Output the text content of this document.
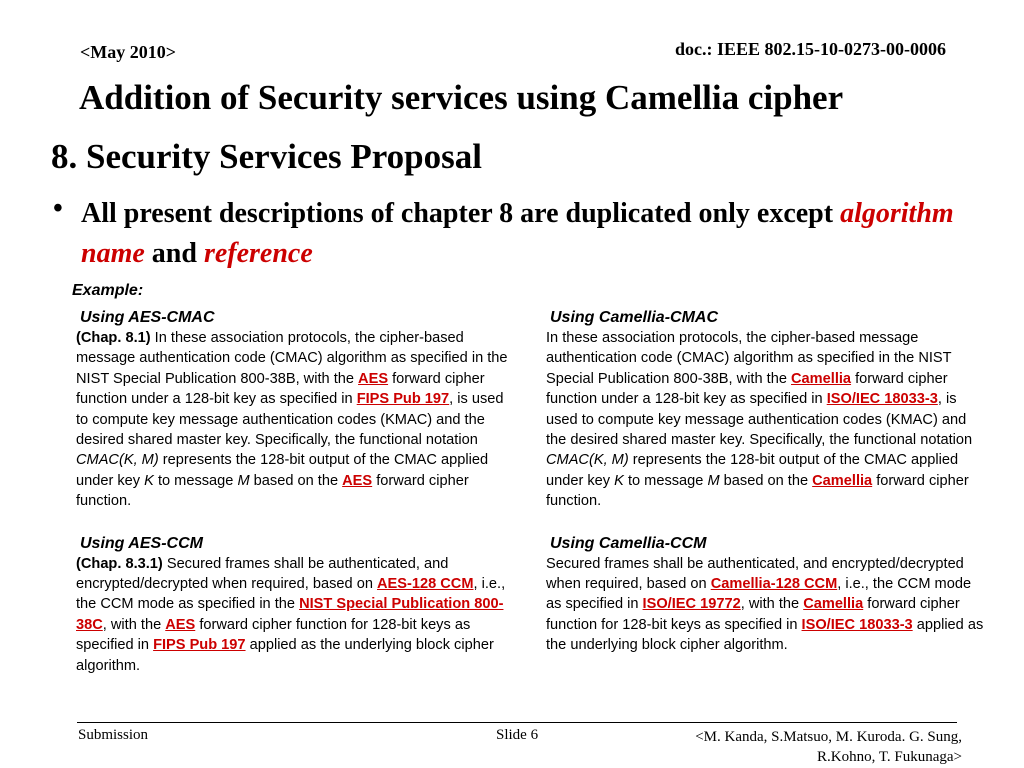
<May 2010>	doc.: IEEE 802.15-10-0273-00-0006
Addition of Security services using Camellia cipher
8. Security Services Proposal
• All present descriptions of chapter 8 are duplicated only except algorithm name and reference
Example:
Using AES-CMAC

(Chap. 8.1) In these association protocols, the cipher-based message authentication code (CMAC) algorithm as specified in the NIST Special Publication 800-38B, with the AES forward cipher function under a 128-bit key as specified in FIPS Pub 197, is used to compute key message authentication codes (KMAC) and the desired shared master key. Specifically, the functional notation CMAC(K, M) represents the 128-bit output of the CMAC applied under key K to message M based on the AES forward cipher function.

Using AES-CCM

(Chap. 8.3.1) Secured frames shall be authenticated, and encrypted/decrypted when required, based on AES-128 CCM, i.e., the CCM mode as specified in the NIST Special Publication 800-38C, with the AES forward cipher function for 128-bit keys as specified in FIPS Pub 197 applied as the underlying block cipher algorithm.

Using Camellia-CMAC

In these association protocols, the cipher-based message authentication code (CMAC) algorithm as specified in the NIST Special Publication 800-38B, with the Camellia forward cipher function under a 128-bit key as specified in ISO/IEC 18033-3, is used to compute key message authentication codes (KMAC) and the desired shared master key. Specifically, the functional notation CMAC(K, M) represents the 128-bit output of the CMAC applied under key K to message M based on the Camellia forward cipher function.

Using Camellia-CCM

Secured frames shall be authenticated, and encrypted/decrypted when required, based on Camellia-128 CCM, i.e., the CCM mode as specified in ISO/IEC 19772, with the Camellia forward cipher function for 128-bit keys as specified in ISO/IEC 18033-3 applied as the underlying block cipher algorithm.

Submission	Slide 6	<M. Kanda, S.Matsuo, M. Kuroda. G. Sung,
R.Kohno, T. Fukunaga>
